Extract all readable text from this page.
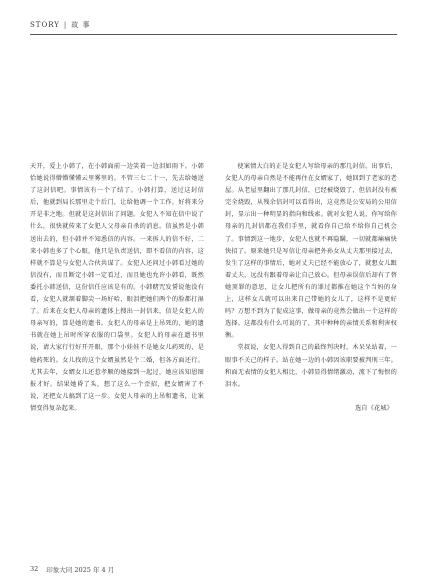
STORY | 故 事

天开，爱上小韩了，在小韩面前一边笑着一边泪如雨下。小韩恰她说得懵懵懂懂云里雾里的。不管三七二十一，先去给她送了这封信吧。事情该有一个了结了。小韩打算，送过这封信后，他就到局长那里走个后门，让给他调一个工作，好将来分开是非之地。但就是这封信出了问题。女犯人不知在信中说了什么，很快就传来了女犯人父母亲自杀的消息。信虽然是小韩送出去的，但小韩并不知悉信的内容。一来拆人的信不好，二来小韩也多了个心眼，他只是负责送信，即不看信的内容，这样就不算是与女犯人合伙共谋了。女犯人还问过小韩看过她的信没有，而且断定小韩一定看过，而且她也允许小韩看，既然委托小韩送信，这份信任应该是有的。小韩赌咒发誓说他没有看，女犯人就颔着脚尖一场好哈，眼泪把她们两个的脸都打湿了。后来在女犯人母亲的遗体上搜出一封信来，信是女犯人的母亲写的，算是她的遗书。女犯人的母亲是上吊死的，她的遗书就在她上吊时所穿衣服的口袋里。女犯人的母亲在遗书里说，请大家行行好开开眼，那个小娃娃不是她女儿药死的，是她药死的。女儿找的这个女婿虽然是个二婚，但各方面还行。尤其去年，女婿女儿还惹孝顺的她接到一起过，她应该知恩图报才好。结果她昏了头，想了这么一个歪招，把女婿害了不说，还把女儿搞到了这一步。女犯人母亲的上吊和遗书，让案情变得复杂起来。

使案情大白的正是女犯人写给母亲的那几封信。出事后，女犯人的母亲自然是不能再住在女婿家了，她回到了老家的老屋。从老屋里翻出了那几封信，已经被烧毁了，但信封没有被完全烧毁，从残余信封可以看得出，这竟然是公安局的公用信封，显示出一种明显的指向和线索。就对女犯人说，你写给你母亲的几封信都在我们手里，就看你自己给不给你自己机会了。事情到这一地步，女犯人也就不再隐瞒，一切就都痛痛快快招了。原来她只是写信让母亲把外孙女从丈夫那里接过去，发生了这样的事情后，她对丈夫已经不能放心了，就想女儿跟着丈夫，远没有跟着母亲让自己放心。但母亲误信后却有了替她顶罪的意思，让女儿把所有的罪过都推在她这个当妈的身上，这样女儿就可以出来自己带她的女儿了，这样不是更好吗？万想不到为了促成这事，做母亲的竟然会做出一个这样的选择。这都没有什么可说的了，其中种种的亲情关系和利害权衡。

堂叔说，女犯人得到自己的最终判决时，木呆呆站着，一眼事不关己的样子。站在她一边的小韩因该职要被判刑三年。和面无表情的女犯人相比，小韩显得情绪激动，流下了悔恨的泪水。

选自《花城》

32 印象大同 2025 年 4 月
